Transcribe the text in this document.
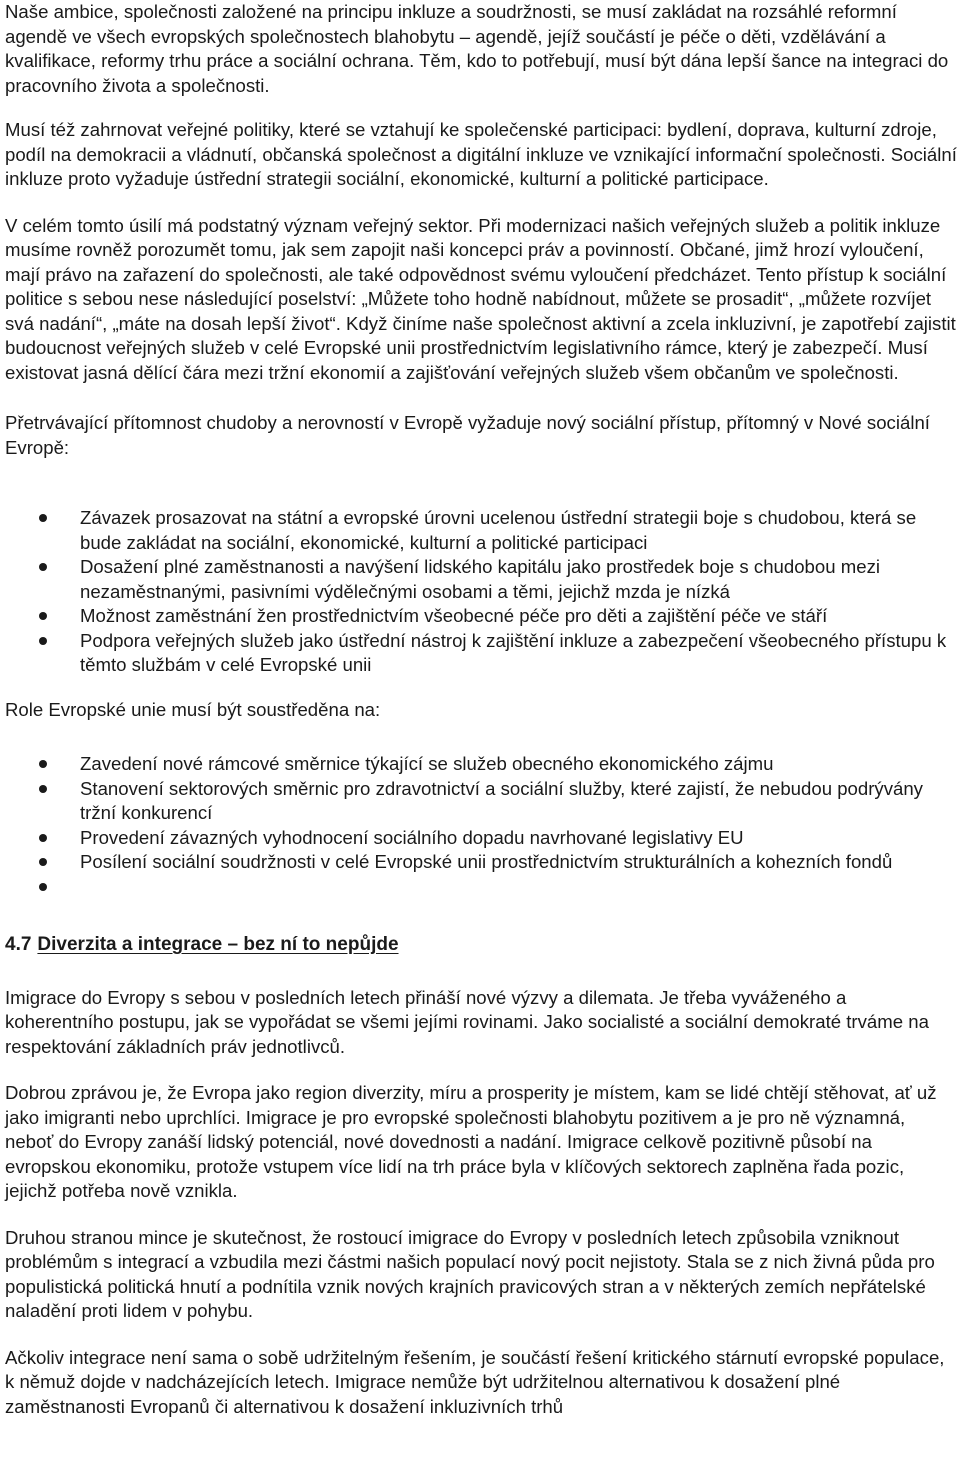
Naše ambice, společnosti založené na principu inkluze a soudržnosti, se musí zakládat na rozsáhlé reformní agendě ve všech evropských společnostech blahobytu – agendě, jejíž součástí je péče o děti, vzdělávání a kvalifikace, reformy trhu práce a sociální ochrana. Těm, kdo to potřebují, musí být dána lepší šance na integraci do pracovního života a společnosti.

Musí též zahrnovat veřejné politiky, které se vztahují ke společenské participaci: bydlení, doprava, kulturní zdroje, podíl na demokracii a vládnutí, občanská společnost a digitální inkluze ve vznikající informační společnosti. Sociální inkluze proto vyžaduje ústřední strategii sociální, ekonomické, kulturní a politické participace.

V celém tomto úsilí má podstatný význam veřejný sektor. Při modernizaci našich veřejných služeb a politik inkluze musíme rovněž porozumět tomu, jak sem zapojit naši koncepci práv a povinností. Občané, jimž hrozí vyloučení, mají právo na zařazení do společnosti, ale také odpovědnost svému vyloučení předcházet. Tento přístup k sociální politice s sebou nese následující poselství: „Můžete toho hodně nabídnout, můžete se prosadit“, „můžete rozvíjet svá nadání“, „máte na dosah lepší život“. Když činíme naše společnost aktivní a zcela inkluzivní, je zapotřebí zajistit budoucnost veřejných služeb v celé Evropské unii prostřednictvím legislativního rámce, který je zabezpečí. Musí existovat jasná dělící čára mezi tržní ekonomií a zajišťování veřejných služeb všem občanům ve společnosti.

Přetrvávající přítomnost chudoby a nerovností v Evropě vyžaduje nový sociální přístup, přítomný v Nové sociální Evropě:

Závazek prosazovat na státní a evropské úrovni ucelenou ústřední strategii boje s chudobou, která se bude zakládat na sociální, ekonomické, kulturní a politické participaci
Dosažení plné zaměstnanosti a navýšení lidského kapitálu jako prostředek boje s chudobou mezi nezaměstnanými, pasivními výdělečnými osobami a těmi, jejichž mzda je nízká
Možnost zaměstnání žen prostřednictvím všeobecné péče pro děti a zajištění péče ve stáří
Podpora veřejných služeb jako ústřední nástroj k zajištění inkluze a zabezpečení všeobecného přístupu k těmto službám v celé Evropské unii

Role Evropské unie musí být soustředěna na:

Zavedení nové rámcové směrnice týkající se služeb obecného ekonomického zájmu
Stanovení sektorových směrnic pro zdravotnictví a sociální služby, které zajistí, že nebudou podrývány tržní konkurencí
Provedení závazných vyhodnocení sociálního dopadu navrhované legislativy EU
Posílení sociální soudržnosti v celé Evropské unii prostřednictvím strukturálních a kohezních fondů

4.7 Diverzita a integrace – bez ní to nepůjde

Imigrace do Evropy s sebou v posledních letech přináší nové výzvy a dilemata. Je třeba vyváženého a koherentního postupu, jak se vypořádat se všemi jejími rovinami. Jako socialisté a sociální demokraté trváme na respektování základních práv jednotlivců.

Dobrou zprávou je, že Evropa jako region diverzity, míru a prosperity je místem, kam se lidé chtějí stěhovat, ať už jako imigranti nebo uprchlíci. Imigrace je pro evropské společnosti blahobytu pozitivem a je pro ně významná, neboť do Evropy zanáší lidský potenciál, nové dovednosti a nadání. Imigrace celkově pozitivně působí na evropskou ekonomiku, protože vstupem více lidí na trh práce byla v klíčových sektorech zaplněna řada pozic, jejichž potřeba nově vznikla.

Druhou stranou mince je skutečnost, že rostoucí imigrace do Evropy v posledních letech způsobila vzniknout problémům s integrací a vzbudila mezi částmi našich populací nový pocit nejistoty. Stala se z nich živná půda pro populistická politická hnutí a podnítila vznik nových krajních pravicových stran a v některých zemích nepřátelské naladění proti lidem v pohybu.

Ačkoliv integrace není sama o sobě udržitelným řešením, je součástí řešení kritického stárnutí evropské populace, k němuž dojde v nadcházejících letech. Imigrace nemůže být udržitelnou alternativou k dosažení plné zaměstnanosti Evropanů či alternativou k dosažení inkluzivních trhů
